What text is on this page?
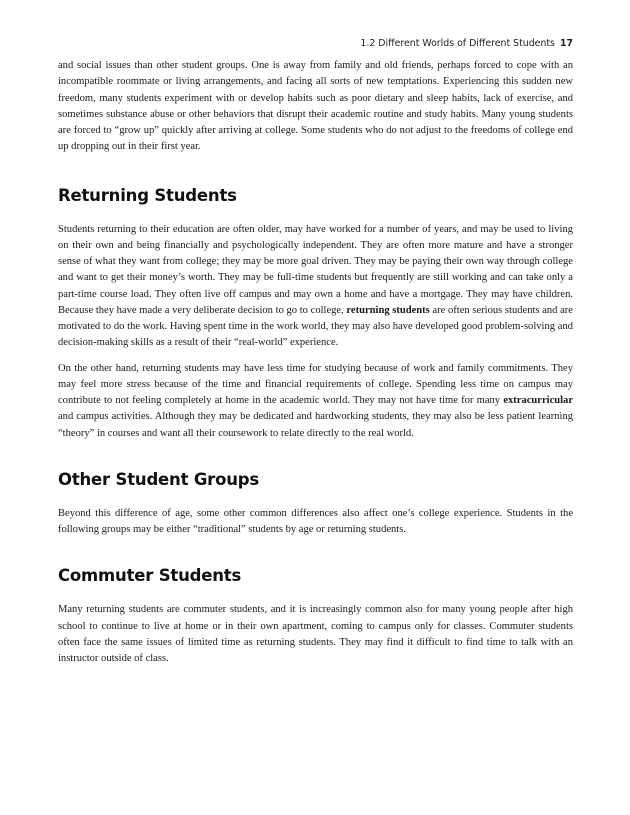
1.2 Different Worlds of Different Students 17

and social issues than other student groups. One is away from family and old friends, perhaps forced to cope with an incompatible roommate or living arrangements, and facing all sorts of new temptations. Experiencing this sudden new freedom, many students experiment with or develop habits such as poor dietary and sleep habits, lack of exercise, and sometimes substance abuse or other behaviors that disrupt their academic routine and study habits. Many young students are forced to “grow up” quickly after arriving at college. Some students who do not adjust to the freedoms of college end up dropping out in their first year.

Returning Students

Students returning to their education are often older, may have worked for a number of years, and may be used to living on their own and being financially and psychologically independent. They are often more mature and have a stronger sense of what they want from college; they may be more goal driven. They may be paying their own way through college and want to get their money’s worth. They may be full-time students but frequently are still working and can take only a part-time course load. They often live off campus and may own a home and have a mortgage. They may have children. Because they have made a very deliberate decision to go to college, returning students are often serious students and are motivated to do the work. Having spent time in the work world, they may also have developed good problem-solving and decision-making skills as a result of their “real-world” experience.

On the other hand, returning students may have less time for studying because of work and family commitments. They may feel more stress because of the time and financial requirements of college. Spending less time on campus may contribute to not feeling completely at home in the academic world. They may not have time for many extracurricular and campus activities. Although they may be dedicated and hardworking students, they may also be less patient learning “theory” in courses and want all their coursework to relate directly to the real world.

Other Student Groups

Beyond this difference of age, some other common differences also affect one’s college experience. Students in the following groups may be either “traditional” students by age or returning students.

Commuter Students

Many returning students are commuter students, and it is increasingly common also for many young people after high school to continue to live at home or in their own apartment, coming to campus only for classes. Commuter students often face the same issues of limited time as returning students. They may find it difficult to find time to talk with an instructor outside of class.
